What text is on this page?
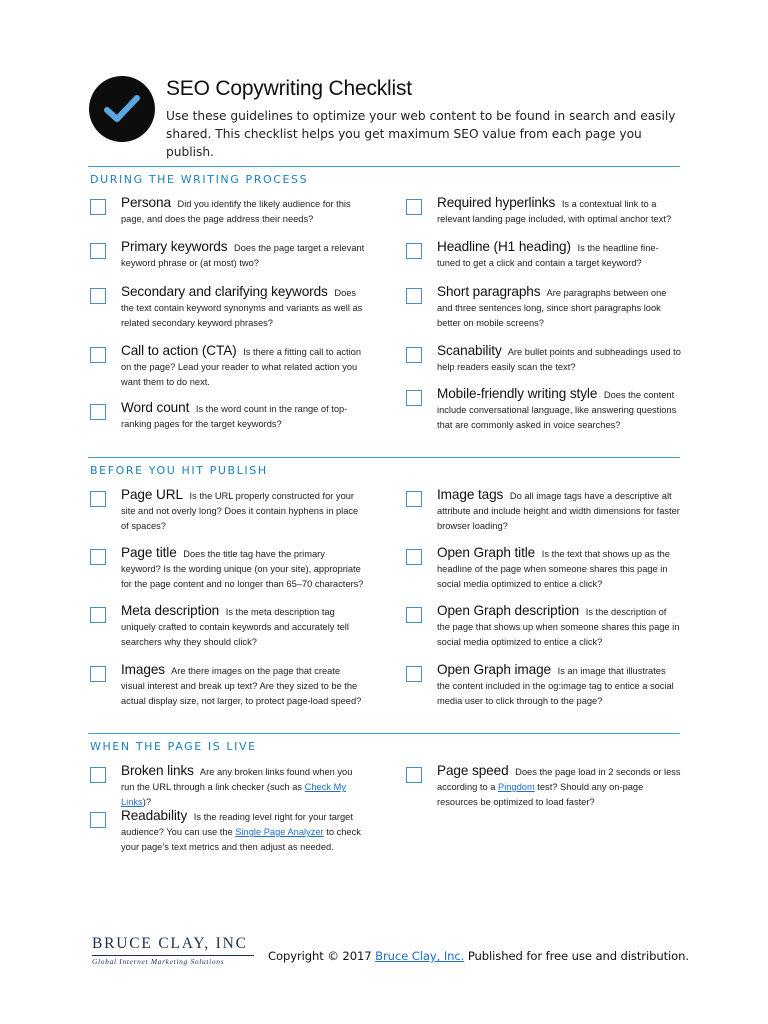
SEO Copywriting Checklist
Use these guidelines to optimize your web content to be found in search and easily shared. This checklist helps you get maximum SEO value from each page you publish.
DURING THE WRITING PROCESS
Persona Did you identify the likely audience for this page, and does the page address their needs?
Required hyperlinks Is a contextual link to a relevant landing page included, with optimal anchor text?
Primary keywords Does the page target a relevant keyword phrase or (at most) two?
Headline (H1 heading) Is the headline fine-tuned to get a click and contain a target keyword?
Secondary and clarifying keywords Does the text contain keyword synonyms and variants as well as related secondary keyword phrases?
Short paragraphs Are paragraphs between one and three sentences long, since short paragraphs look better on mobile screens?
Call to action (CTA) Is there a fitting call to action on the page? Lead your reader to what related action you want them to do next.
Scanability Are bullet points and subheadings used to help readers easily scan the text?
Word count Is the word count in the range of top-ranking pages for the target keywords?
Mobile-friendly writing style Does the content include conversational language, like answering questions that are commonly asked in voice searches?
BEFORE YOU HIT PUBLISH
Page URL Is the URL properly constructed for your site and not overly long? Does it contain hyphens in place of spaces?
Image tags Do all image tags have a descriptive alt attribute and include height and width dimensions for faster browser loading?
Page title Does the title tag have the primary keyword? Is the wording unique (on your site), appropriate for the page content and no longer than 65–70 characters?
Open Graph title Is the text that shows up as the headline of the page when someone shares this page in social media optimized to entice a click?
Meta description Is the meta description tag uniquely crafted to contain keywords and accurately tell searchers why they should click?
Open Graph description Is the description of the page that shows up when someone shares this page in social media optimized to entice a click?
Images Are there images on the page that create visual interest and break up text? Are they sized to be the actual display size, not larger, to protect page-load speed?
Open Graph image Is an image that illustrates the content included in the og:image tag to entice a social media user to click through to the page?
WHEN THE PAGE IS LIVE
Broken links Are any broken links found when you run the URL through a link checker (such as Check My Links)?
Page speed Does the page load in 2 seconds or less according to a Pingdom test? Should any on-page resources be optimized to load faster?
Readability Is the reading level right for your target audience? You can use the Single Page Analyzer to check your page’s text metrics and then adjust as needed.
BRUCE CLAY, INC
Global Internet Marketing Solutions	Copyright © 2017 Bruce Clay, Inc. Published for free use and distribution.
